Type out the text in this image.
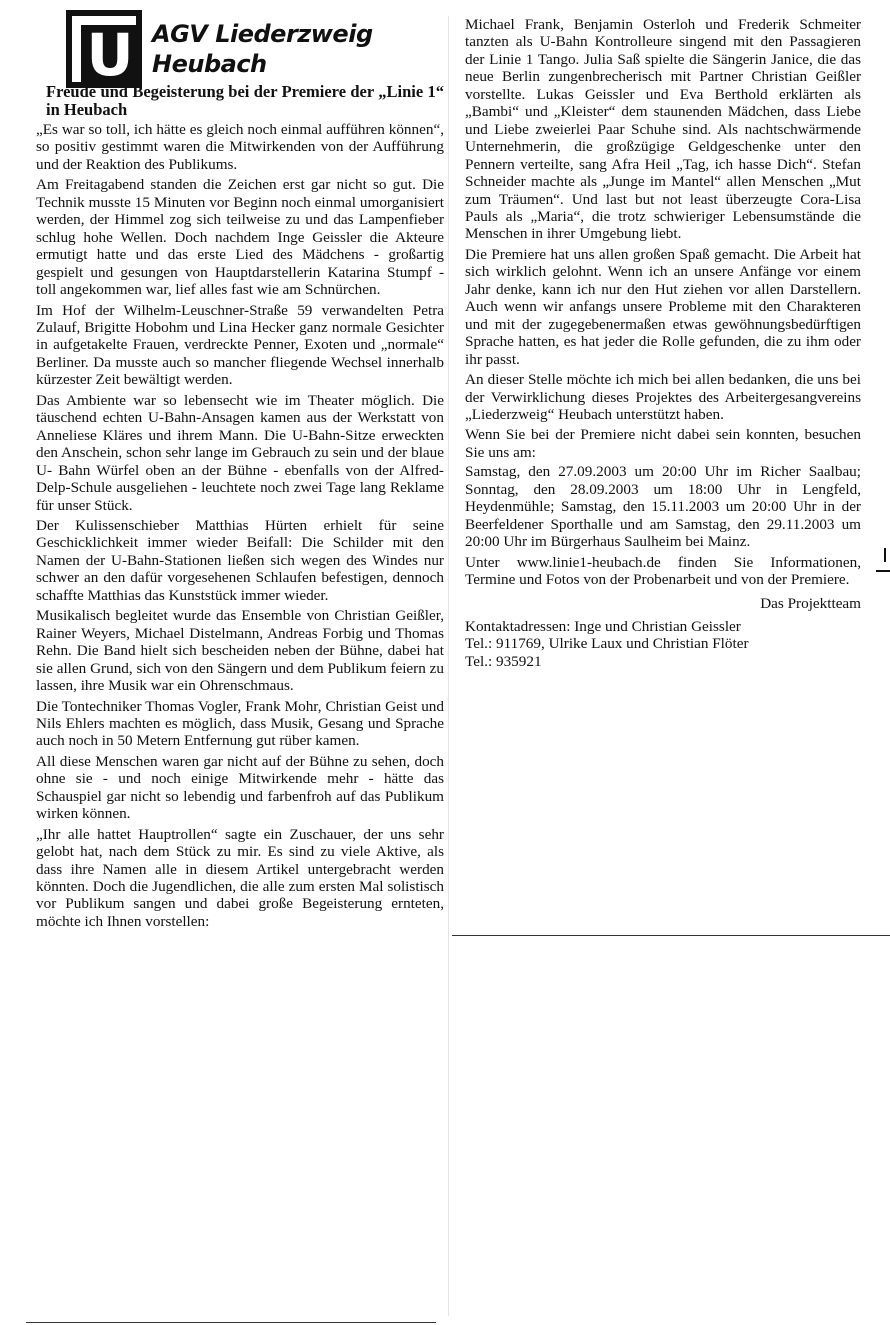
U AGV Liederzweig
Heubach
Freude und Begeisterung bei der Premiere der „Linie 1“ in Heubach

„Es war so toll, ich hätte es gleich noch einmal aufführen können“, so positiv gestimmt waren die Mitwirkenden von der Aufführung und der Reaktion des Publikums.

Am Freitagabend standen die Zeichen erst gar nicht so gut. Die Technik musste 15 Minuten vor Beginn noch einmal umorganisiert werden, der Himmel zog sich teilweise zu und das Lampenfieber schlug hohe Wellen. Doch nachdem Inge Geissler die Akteure ermutigt hatte und das erste Lied des Mädchens - großartig gespielt und gesungen von Hauptdarstellerin Katarina Stumpf - toll angekommen war, lief alles fast wie am Schnürchen.

Im Hof der Wilhelm-Leuschner-Straße 59 verwandelten Petra Zulauf, Brigitte Hobohm und Lina Hecker ganz normale Gesichter in aufgetakelte Frauen, verdreckte Penner, Exoten und „normale“ Berliner. Da musste auch so mancher fliegende Wechsel innerhalb kürzester Zeit bewältigt werden.

Das Ambiente war so lebensecht wie im Theater möglich. Die täuschend echten U-Bahn-Ansagen kamen aus der Werkstatt von Anneliese Kläres und ihrem Mann. Die U-Bahn-Sitze erweckten den Anschein, schon sehr lange im Gebrauch zu sein und der blaue U- Bahn Würfel oben an der Bühne - ebenfalls von der Alfred-Delp-Schule ausgeliehen - leuchtete noch zwei Tage lang Reklame für unser Stück.

Der Kulissenschieber Matthias Hürten erhielt für seine Geschicklichkeit immer wieder Beifall: Die Schilder mit den Namen der U-Bahn-Stationen ließen sich wegen des Windes nur schwer an den dafür vorgesehenen Schlaufen befestigen, dennoch schaffte Matthias das Kunststück immer wieder.

Musikalisch begleitet wurde das Ensemble von Christian Geißler, Rainer Weyers, Michael Distelmann, Andreas Forbig und Thomas Rehn. Die Band hielt sich bescheiden neben der Bühne, dabei hat sie allen Grund, sich von den Sängern und dem Publikum feiern zu lassen, ihre Musik war ein Ohrenschmaus.

Die Tontechniker Thomas Vogler, Frank Mohr, Christian Geist und Nils Ehlers machten es möglich, dass Musik, Gesang und Sprache auch noch in 50 Metern Entfernung gut rüber kamen.

All diese Menschen waren gar nicht auf der Bühne zu sehen, doch ohne sie - und noch einige Mitwirkende mehr - hätte das Schauspiel gar nicht so lebendig und farbenfroh auf das Publikum wirken können.

„Ihr alle hattet Hauptrollen“ sagte ein Zuschauer, der uns sehr gelobt hat, nach dem Stück zu mir. Es sind zu viele Aktive, als dass ihre Namen alle in diesem Artikel untergebracht werden könnten. Doch die Jugendlichen, die alle zum ersten Mal solistisch vor Publikum sangen und dabei große Begeisterung ernteten, möchte ich Ihnen vorstellen:

Michael Frank, Benjamin Osterloh und Frederik Schmeiter tanzten als U-Bahn Kontrolleure singend mit den Passagieren der Linie 1 Tango. Julia Saß spielte die Sängerin Janice, die das neue Berlin zungenbrecherisch mit Partner Christian Geißler vorstellte. Lukas Geissler und Eva Berthold erklärten als „Bambi“ und „Kleister“ dem staunenden Mädchen, dass Liebe und Liebe zweierlei Paar Schuhe sind. Als nachtschwärmende Unternehmerin, die großzügige Geldgeschenke unter den Pennern verteilte, sang Afra Heil „Tag, ich hasse Dich“. Stefan Schneider machte als „Junge im Mantel“ allen Menschen „Mut zum Träumen“. Und last but not least überzeugte Cora-Lisa Pauls als „Maria“, die trotz schwieriger Lebensumstände die Menschen in ihrer Umgebung liebt.

Die Premiere hat uns allen großen Spaß gemacht. Die Arbeit hat sich wirklich gelohnt. Wenn ich an unsere Anfänge vor einem Jahr denke, kann ich nur den Hut ziehen vor allen Darstellern. Auch wenn wir anfangs unsere Probleme mit den Charakteren und mit der zugegebenermaßen etwas gewöhnungsbedürftigen Sprache hatten, es hat jeder die Rolle gefunden, die zu ihm oder ihr passt.

An dieser Stelle möchte ich mich bei allen bedanken, die uns bei der Verwirklichung dieses Projektes des Arbeitergesangvereins „Liederzweig“ Heubach unterstützt haben.

Wenn Sie bei der Premiere nicht dabei sein konnten, besuchen Sie uns am:

Samstag, den 27.09.2003 um 20:00 Uhr im Richer Saalbau; Sonntag, den 28.09.2003 um 18:00 Uhr in Lengfeld, Heydenmühle; Samstag, den 15.11.2003 um 20:00 Uhr in der Beerfeldener Sporthalle und am Samstag, den 29.11.2003 um 20:00 Uhr im Bürgerhaus Saulheim bei Mainz.

Unter www.linie1-heubach.de finden Sie Informationen, Termine und Fotos von der Probenarbeit und von der Premiere.

Das Projektteam

Kontaktadressen: Inge und Christian Geissler

Tel.: 911769, Ulrike Laux und Christian Flöter

Tel.: 935921
